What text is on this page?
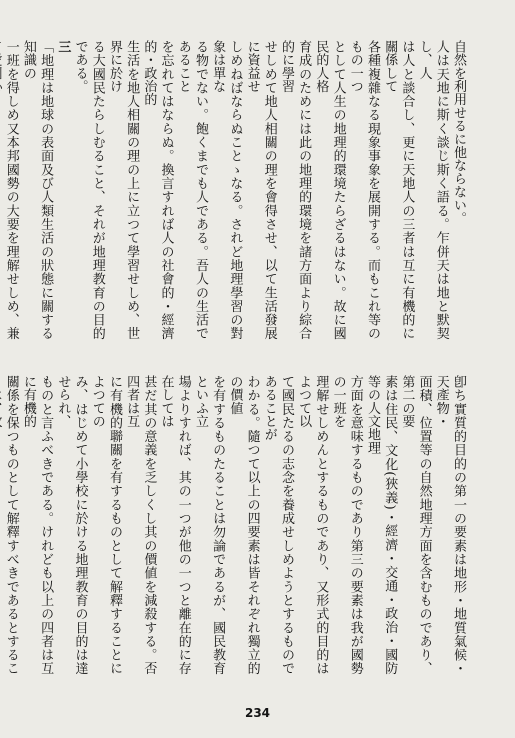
自然を利用せるに他ならない。

人は天地に斯く談じ斯く語る。乍併天は地と默契し、人

は人と談合し、更に天地人の三者は互に有機的に關係して

各種複雜なる現象事象を展開する。而もこれ等のもの一つ

として人生の地理的環境たらざるはない。故に國民的人格

育成のためには此の地理的環境を諸方面より綜合的に學習

せしめて地人相關の理を會得させ、以て生活發展に資益せ

しめねばならぬことゝなる。されど地理學習の對象は單な

る物でない。飽くまでも人である。吾人の生活であること

を忘れてはならぬ。換言すれば人の社會的・經濟的・政治的

生活を地人相關の理の上に立つて學習せしめ、世界に於け

る大國民たらしむること、それが地理教育の目的である。

三

「地理は地球の表面及び人類生活の狀態に關する知識の

一班を得しめ又本邦國勢の大要を理解せしめ、兼

卽ち實質的目的の第一の要素は地形・地質氣候・天產物・

面積、位置等の自然地理方面を含むものであり、第二の要

素は住民、文化(狹義)・經濟・交通・政治・國防等の人文地理

方面を意味するものであり第三の要素は我が國勢の一班を

理解せしめんとするものであり、又形式的目的はよつて以

て國民たるの志念を養成せしめようとするものであることが

わかる。隨つて以上の四要素は皆それぞれ獨立的の價値

を有するものたることは勿論であるが、國民教育といふ立

場よりすれば、其の一つが他の一つと離在的に存在しては

甚だ其の意義を乏しくし其の價値を減殺する。否四者は互

に有機的聯關を有するものとして解釋することによつての

み、はじめて小學校に於ける地理教育の目的は達せられ、

ものと言ふべきである。けれども以上の四者は互に有機的

關係を保つものとして解釋すべきであるとするこ

234
